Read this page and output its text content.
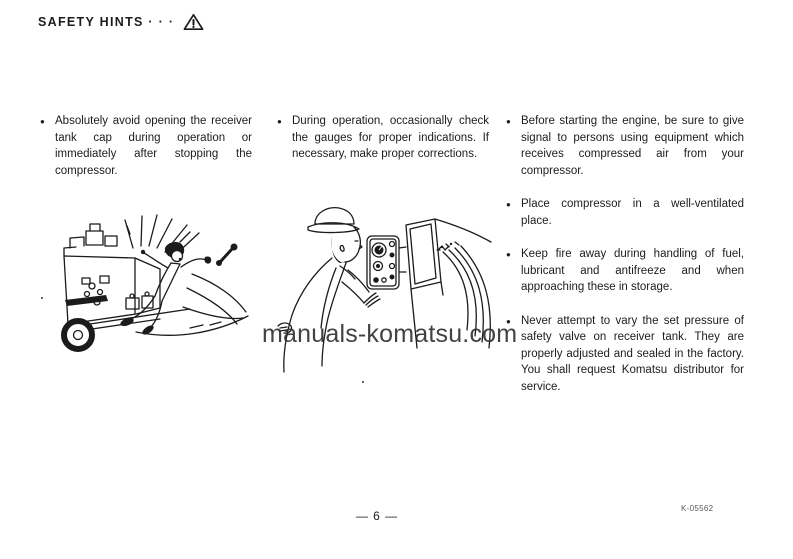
SAFETY HINTS · · ·

● Absolutely avoid opening the receiver tank cap during operation or immediately after stopping the compressor.

● During operation, occasionally check the gauges for proper indications. If necessary, make proper corrections.

● Before starting the engine, be sure to give signal to persons using equipment which receives compressed air from your compressor.

● Place compressor in a well-ventilated place.

● Keep fire away during handling of fuel, lubricant and antifreeze and when approaching these in storage.

● Never attempt to vary the set pressure of safety valve on receiver tank. They are properly adjusted and sealed in the factory. You shall request Komatsu distributor for service.

manuals-komatsu.com
— 6 —
K-05562
